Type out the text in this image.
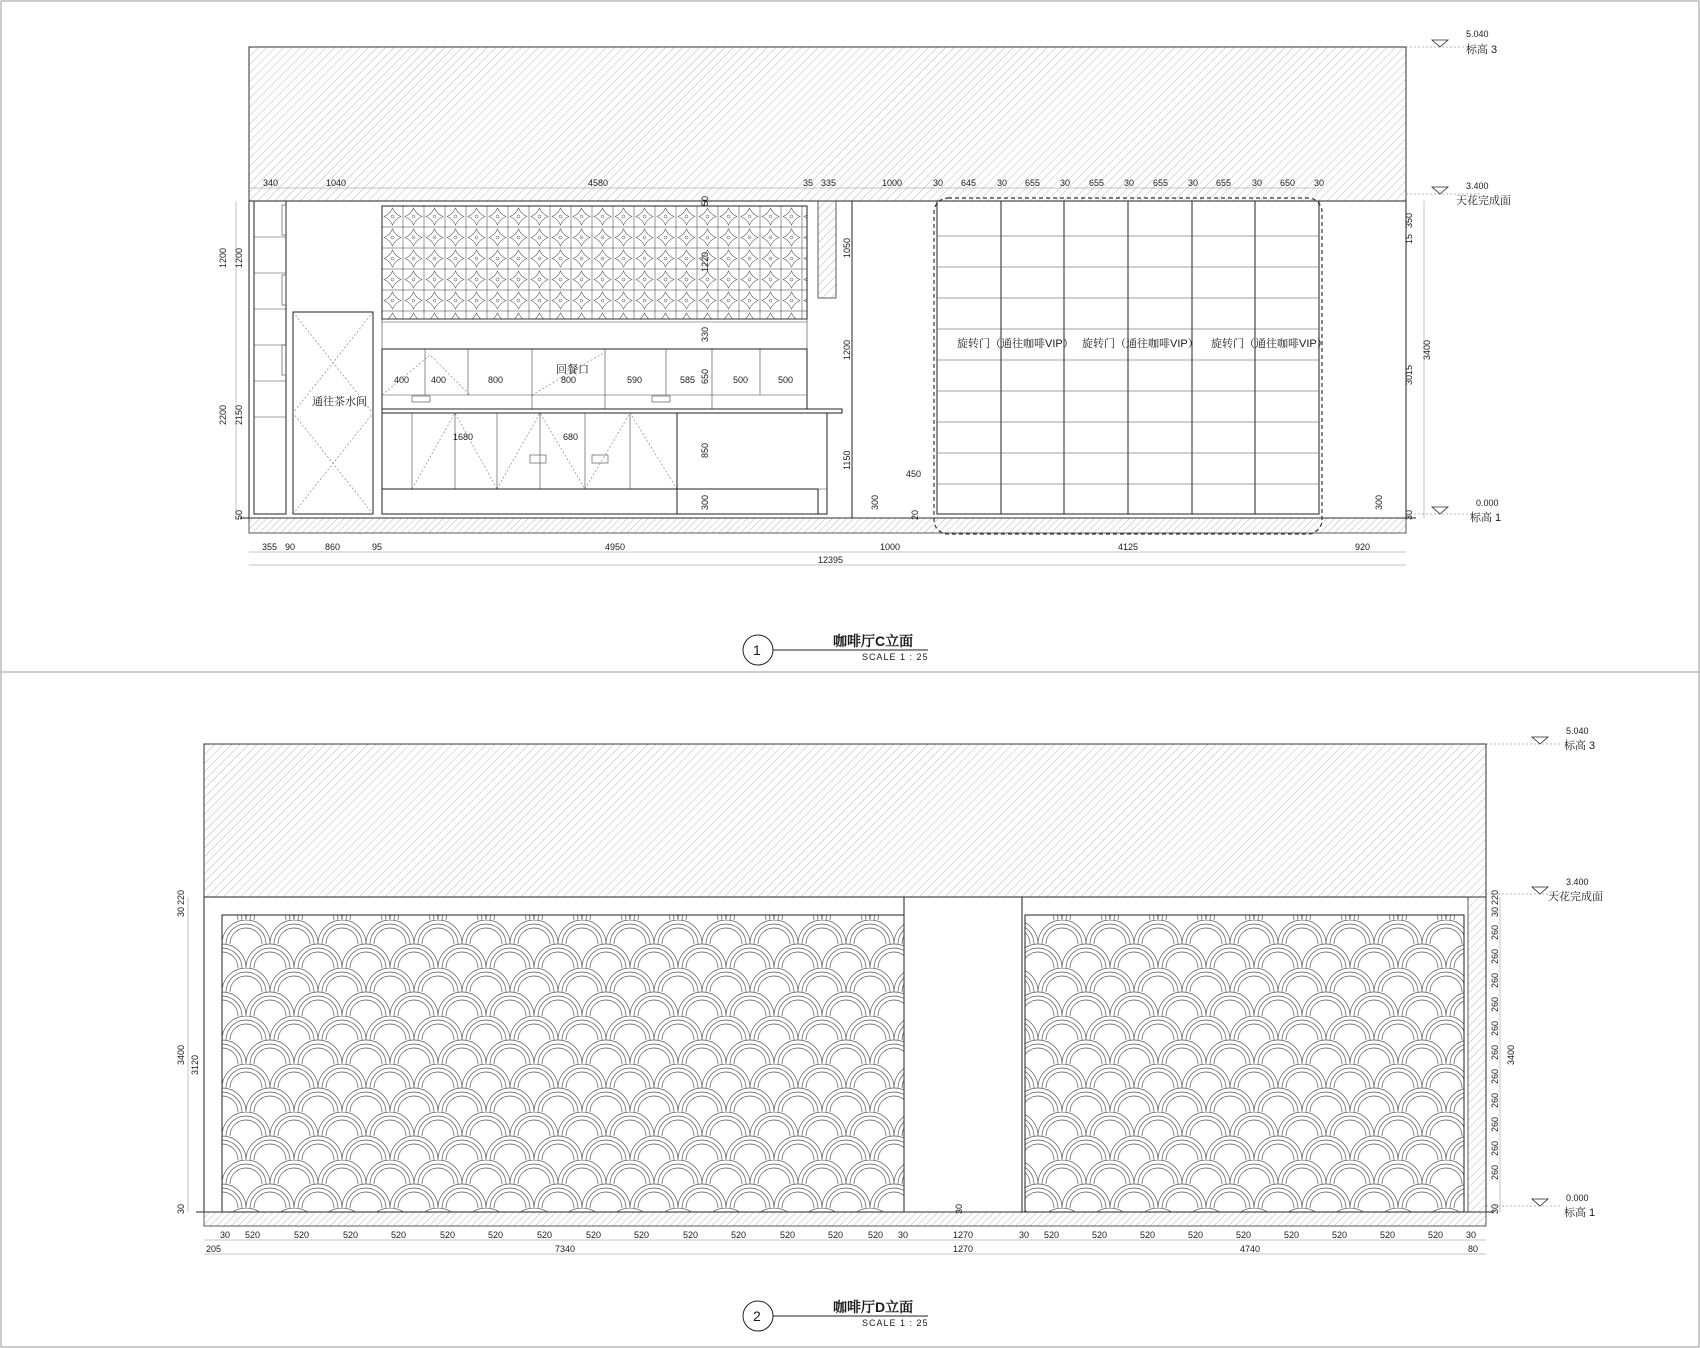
通往茶水间
回餐口
旋转门（通往咖啡VIP） 旋转门（通往咖啡VIP） 旋转门（通往咖啡VIP）
340	1040	4580	35 335	1000	30 645 30 655 30 655 30 655 30 655 30 650 30
355 90	860	95	4950	1000	4125	920
12395
1200 1200
2200 2150
50
50
1220
330
650
850
300
1050
1200
1150
300
450
20
400 400	800	800	590	585	500	500
1680	680
15
350
3015
3400
300
30
5.040
标高 3
3.400
天花完成面
0.000
标高 1
1
咖啡厅C立面
SCALE 1 : 25
30 520	520	520	520	520	520	520	520	520	520	520	520	520	520 30	1270	30 520	520	520	520	520	520	520	520	520	30
205	7340	1270	4740	80
30
220
3120
3400
30
30
220
260
260
260
260
260
260
260
260
260
260
260
3400
30
30
5.040
标高 3
3.400
天花完成面
0.000
标高 1
2
咖啡厅D立面
SCALE 1 : 25
